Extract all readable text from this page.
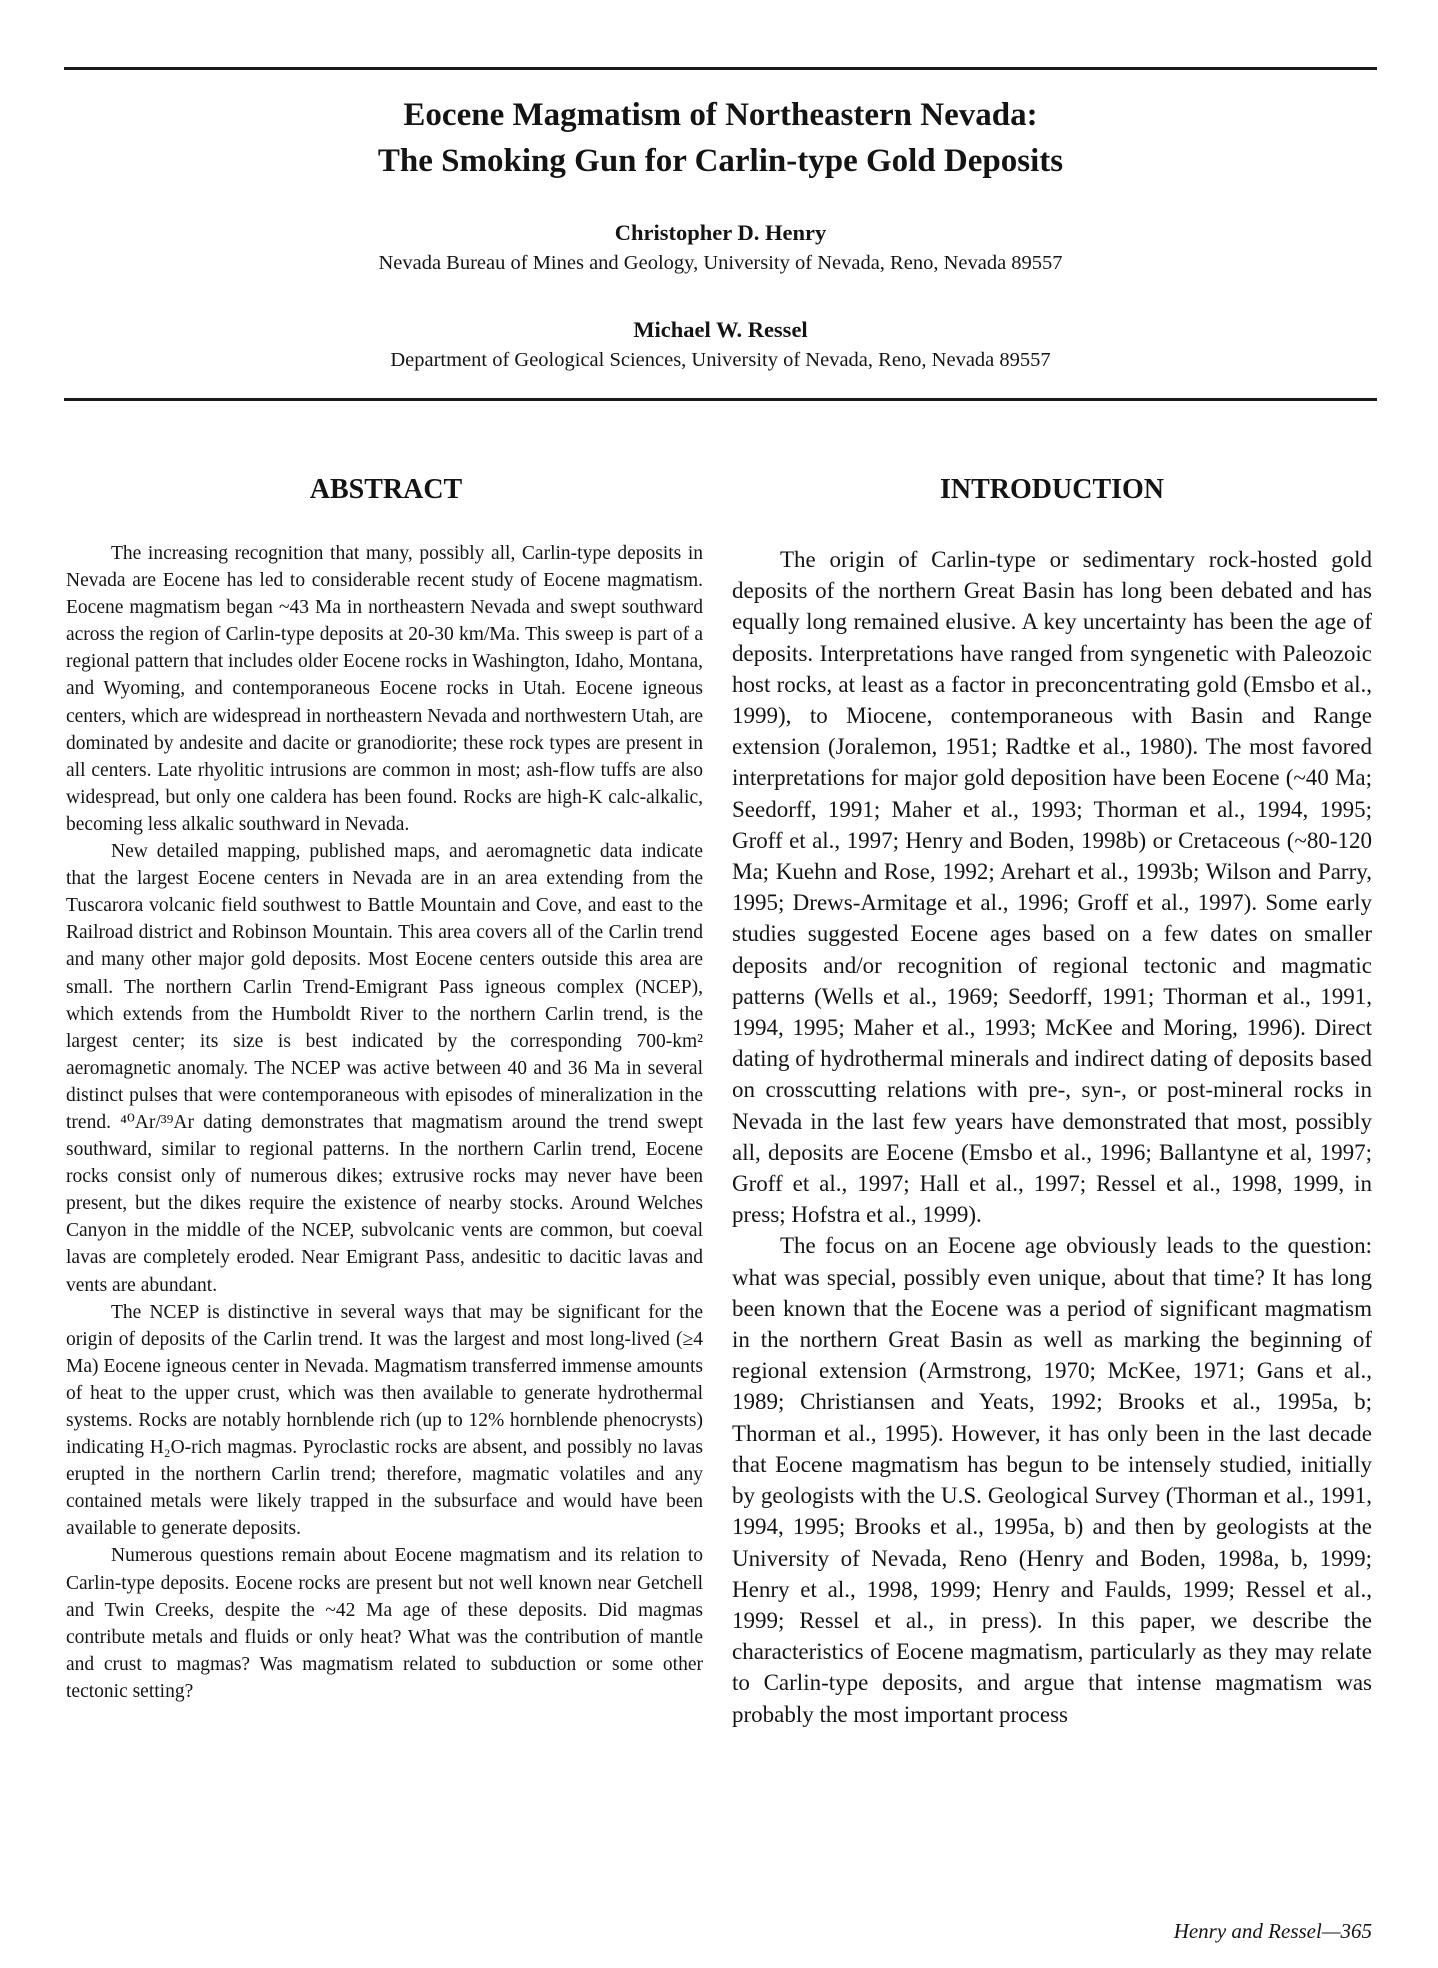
Eocene Magmatism of Northeastern Nevada:
The Smoking Gun for Carlin-type Gold Deposits
Christopher D. Henry
Nevada Bureau of Mines and Geology, University of Nevada, Reno, Nevada 89557
Michael W. Ressel
Department of Geological Sciences, University of Nevada, Reno, Nevada 89557
ABSTRACT	INTRODUCTION

The increasing recognition that many, possibly all, Carlin-type deposits in Nevada are Eocene has led to considerable recent study of Eocene magmatism. Eocene magmatism began ~43 Ma in northeastern Nevada and swept southward across the region of Carlin-type deposits at 20-30 km/Ma. This sweep is part of a regional pattern that includes older Eocene rocks in Washington, Idaho, Montana, and Wyoming, and contemporaneous Eocene rocks in Utah. Eocene igneous centers, which are widespread in northeastern Nevada and northwestern Utah, are dominated by andesite and dacite or granodiorite; these rock types are present in all centers. Late rhyolitic intrusions are common in most; ash-flow tuffs are also widespread, but only one caldera has been found. Rocks are high-K calc-alkalic, becoming less alkalic southward in Nevada.

New detailed mapping, published maps, and aeromagnetic data indicate that the largest Eocene centers in Nevada are in an area extending from the Tuscarora volcanic field southwest to Battle Mountain and Cove, and east to the Railroad district and Robinson Mountain. This area covers all of the Carlin trend and many other major gold deposits. Most Eocene centers outside this area are small. The northern Carlin Trend-Emigrant Pass igneous complex (NCEP), which extends from the Humboldt River to the northern Carlin trend, is the largest center; its size is best indicated by the corresponding 700-km² aeromagnetic anomaly. The NCEP was active between 40 and 36 Ma in several distinct pulses that were contemporaneous with episodes of mineralization in the trend. ⁴⁰Ar/³⁹Ar dating demonstrates that magmatism around the trend swept southward, similar to regional patterns. In the northern Carlin trend, Eocene rocks consist only of numerous dikes; extrusive rocks may never have been present, but the dikes require the existence of nearby stocks. Around Welches Canyon in the middle of the NCEP, subvolcanic vents are common, but coeval lavas are completely eroded. Near Emigrant Pass, andesitic to dacitic lavas and vents are abundant.

The NCEP is distinctive in several ways that may be significant for the origin of deposits of the Carlin trend. It was the largest and most long-lived (≥4 Ma) Eocene igneous center in Nevada. Magmatism transferred immense amounts of heat to the upper crust, which was then available to generate hydrothermal systems. Rocks are notably hornblende rich (up to 12% hornblende phenocrysts) indicating H₂O-rich magmas. Pyroclastic rocks are absent, and possibly no lavas erupted in the northern Carlin trend; therefore, magmatic volatiles and any contained metals were likely trapped in the subsurface and would have been available to generate deposits.

Numerous questions remain about Eocene magmatism and its relation to Carlin-type deposits. Eocene rocks are present but not well known near Getchell and Twin Creeks, despite the ~42 Ma age of these deposits. Did magmas contribute metals and fluids or only heat? What was the contribution of mantle and crust to magmas? Was magmatism related to subduction or some other tectonic setting?

The origin of Carlin-type or sedimentary rock-hosted gold deposits of the northern Great Basin has long been debated and has equally long remained elusive. A key uncertainty has been the age of deposits. Interpretations have ranged from syngenetic with Paleozoic host rocks, at least as a factor in preconcentrating gold (Emsbo et al., 1999), to Miocene, contemporaneous with Basin and Range extension (Joralemon, 1951; Radtke et al., 1980). The most favored interpretations for major gold deposition have been Eocene (~40 Ma; Seedorff, 1991; Maher et al., 1993; Thorman et al., 1994, 1995; Groff et al., 1997; Henry and Boden, 1998b) or Cretaceous (~80-120 Ma; Kuehn and Rose, 1992; Arehart et al., 1993b; Wilson and Parry, 1995; Drews-Armitage et al., 1996; Groff et al., 1997). Some early studies suggested Eocene ages based on a few dates on smaller deposits and/or recognition of regional tectonic and magmatic patterns (Wells et al., 1969; Seedorff, 1991; Thorman et al., 1991, 1994, 1995; Maher et al., 1993; McKee and Moring, 1996). Direct dating of hydrothermal minerals and indirect dating of deposits based on crosscutting relations with pre-, syn-, or post-mineral rocks in Nevada in the last few years have demonstrated that most, possibly all, deposits are Eocene (Emsbo et al., 1996; Ballantyne et al, 1997; Groff et al., 1997; Hall et al., 1997; Ressel et al., 1998, 1999, in press; Hofstra et al., 1999).

The focus on an Eocene age obviously leads to the question: what was special, possibly even unique, about that time? It has long been known that the Eocene was a period of significant magmatism in the northern Great Basin as well as marking the beginning of regional extension (Armstrong, 1970; McKee, 1971; Gans et al., 1989; Christiansen and Yeats, 1992; Brooks et al., 1995a, b; Thorman et al., 1995). However, it has only been in the last decade that Eocene magmatism has begun to be intensely studied, initially by geologists with the U.S. Geological Survey (Thorman et al., 1991, 1994, 1995; Brooks et al., 1995a, b) and then by geologists at the University of Nevada, Reno (Henry and Boden, 1998a, b, 1999; Henry et al., 1998, 1999; Henry and Faulds, 1999; Ressel et al., 1999; Ressel et al., in press). In this paper, we describe the characteristics of Eocene magmatism, particularly as they may relate to Carlin-type deposits, and argue that intense magmatism was probably the most important process

Henry and Ressel—365
